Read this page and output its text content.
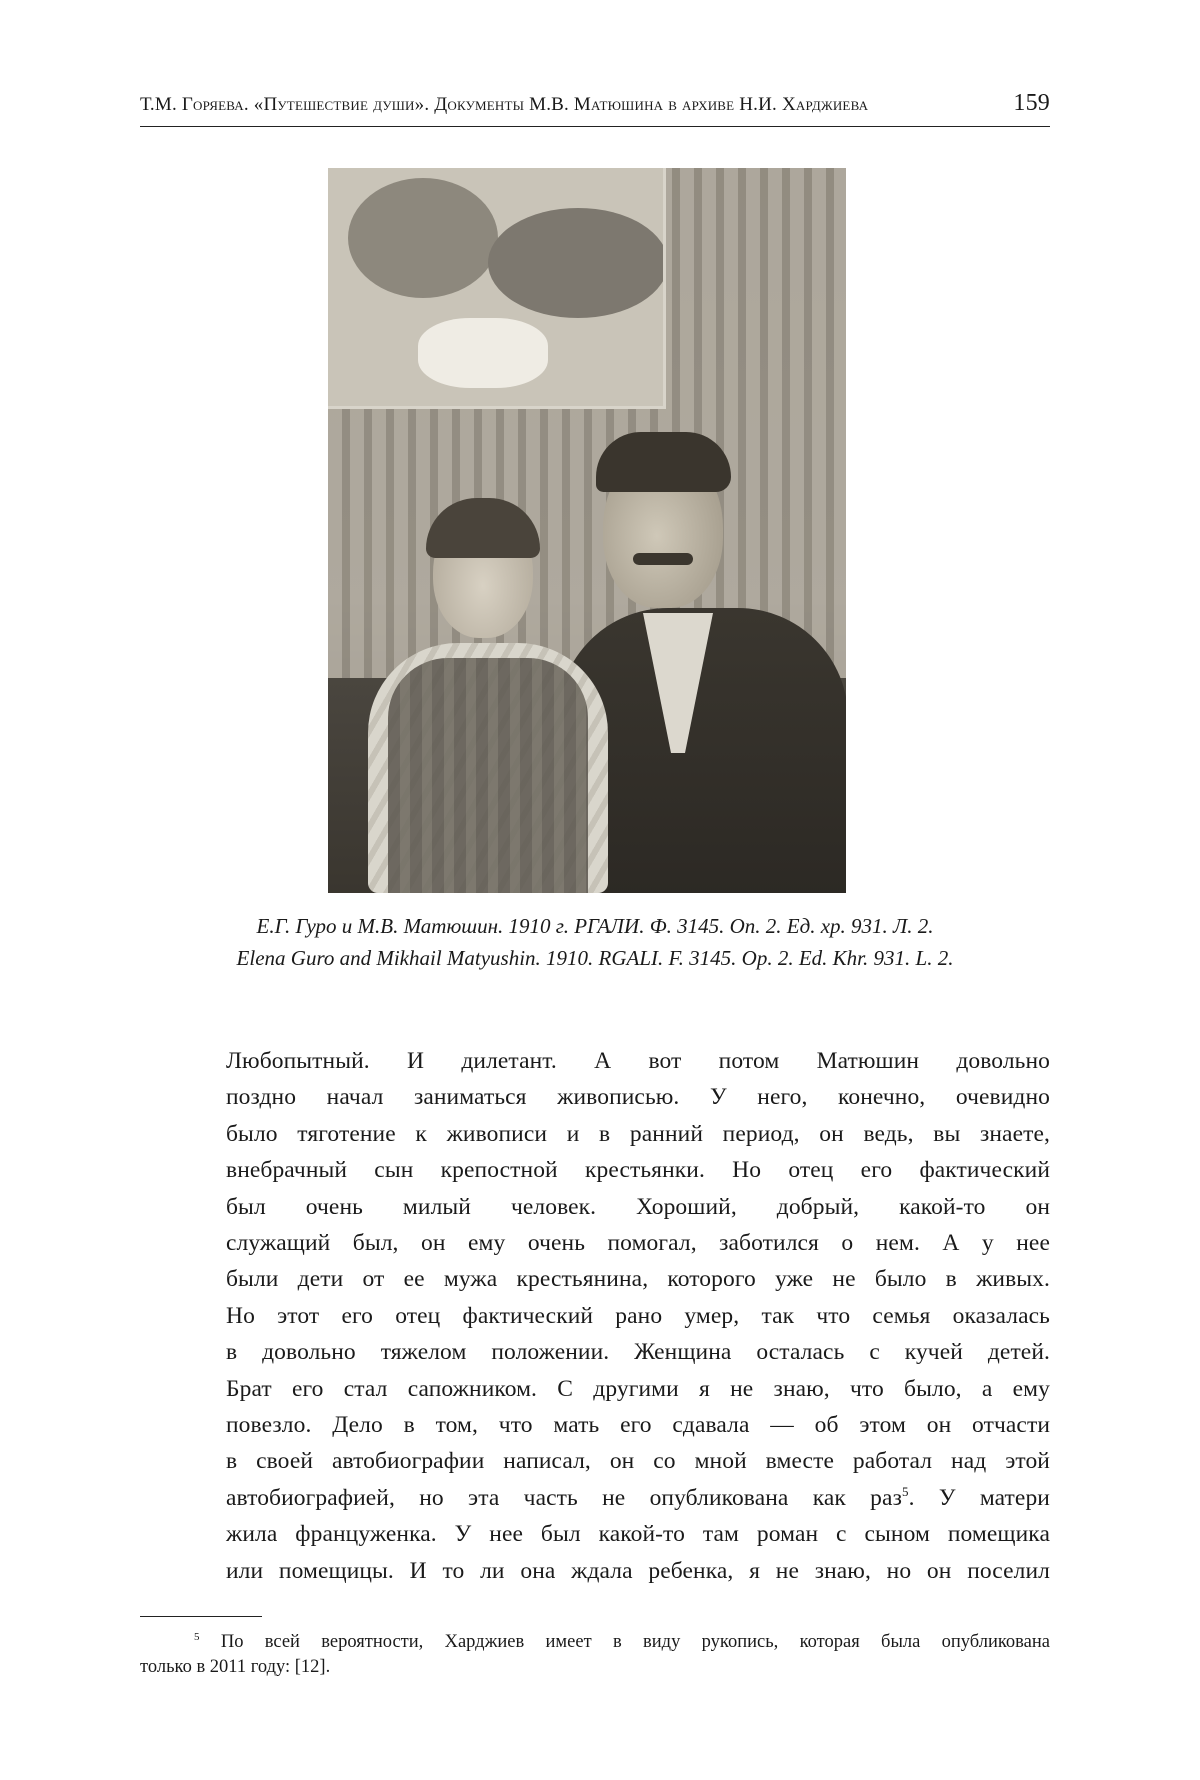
Т.М. Горяева. «Путешествие души». Документы М.В. Матюшина в архиве Н.И. Харджиева	159
Е.Г. Гуро и М.В. Матюшин. 1910 г. РГАЛИ. Ф. 3145. Оп. 2. Ед. хр. 931. Л. 2.
Elena Guro and Mikhail Matyushin. 1910. RGALI. F. 3145. Op. 2. Ed. Khr. 931. L. 2.
Любопытный. И дилетант. А вот потом Матюшин довольно
поздно начал заниматься живописью. У него, конечно, очевидно
было тяготение к живописи и в ранний период, он ведь, вы знаете,
внебрачный сын крепостной крестьянки. Но отец его фактический
был очень милый человек. Хороший, добрый, какой-то он
служащий был, он ему очень помогал, заботился о нем. А у нее
были дети от ее мужа крестьянина, которого уже не было в живых.
Но этот его отец фактический рано умер, так что семья оказалась
в довольно тяжелом положении. Женщина осталась с кучей детей.
Брат его стал сапожником. С другими я не знаю, что было, а ему
повезло. Дело в том, что мать его сдавала — об этом он отчасти
в своей автобиографии написал, он со мной вместе работал над этой
автобиографией, но эта часть не опубликована как раз$^5$. У матери
жила француженка. У нее был какой-то там роман с сыном помещика
или помещицы. И то ли она ждала ребенка, я не знаю, но он поселил
$^5$ По всей вероятности, Харджиев имеет в виду рукопись, которая была опубликована
только в 2011 году: [12].
